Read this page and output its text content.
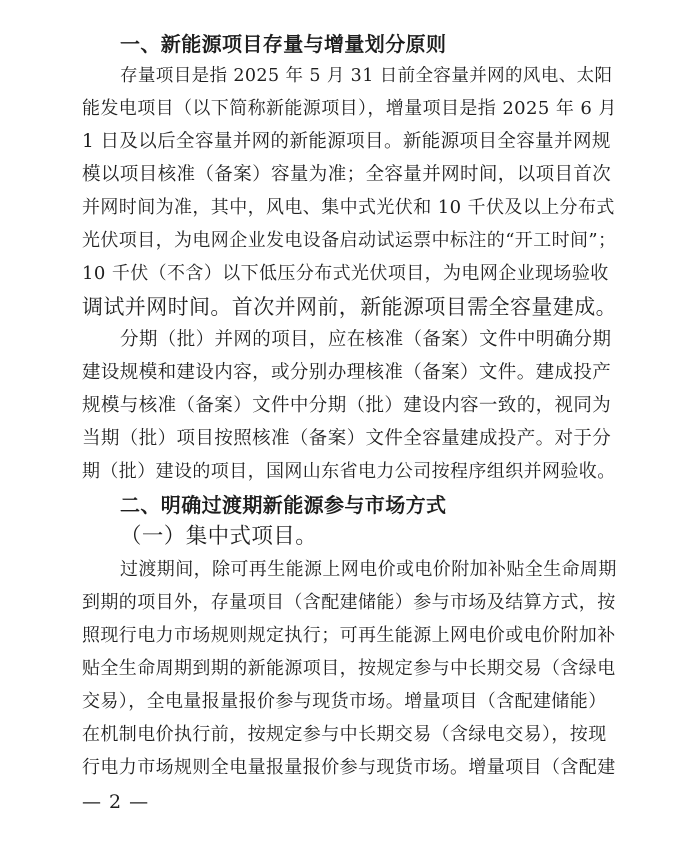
一、新能源项目存量与增量划分原则
存量项目是指 2025 年 5 月 31 日前全容量并网的风电、太阳
能发电项目（以下简称新能源项目），增量项目是指 2025 年 6 月
1 日及以后全容量并网的新能源项目。新能源项目全容量并网规
模以项目核准（备案）容量为准；全容量并网时间，以项目首次
并网时间为准，其中，风电、集中式光伏和 10 千伏及以上分布式
光伏项目，为电网企业发电设备启动试运票中标注的“开工时间”；
10 千伏（不含）以下低压分布式光伏项目，为电网企业现场验收
调试并网时间。首次并网前，新能源项目需全容量建成。
分期（批）并网的项目，应在核准（备案）文件中明确分期
建设规模和建设内容，或分别办理核准（备案）文件。建成投产
规模与核准（备案）文件中分期（批）建设内容一致的，视同为
当期（批）项目按照核准（备案）文件全容量建成投产。对于分
期（批）建设的项目，国网山东省电力公司按程序组织并网验收。
二、明确过渡期新能源参与市场方式
（一）集中式项目。
过渡期间，除可再生能源上网电价或电价附加补贴全生命周期
到期的项目外，存量项目（含配建储能）参与市场及结算方式，按
照现行电力市场规则规定执行；可再生能源上网电价或电价附加补
贴全生命周期到期的新能源项目，按规定参与中长期交易（含绿电
交易），全电量报量报价参与现货市场。增量项目（含配建储能）
在机制电价执行前，按规定参与中长期交易（含绿电交易），按现
行电力市场规则全电量报量报价参与现货市场。增量项目（含配建
— 2 —
